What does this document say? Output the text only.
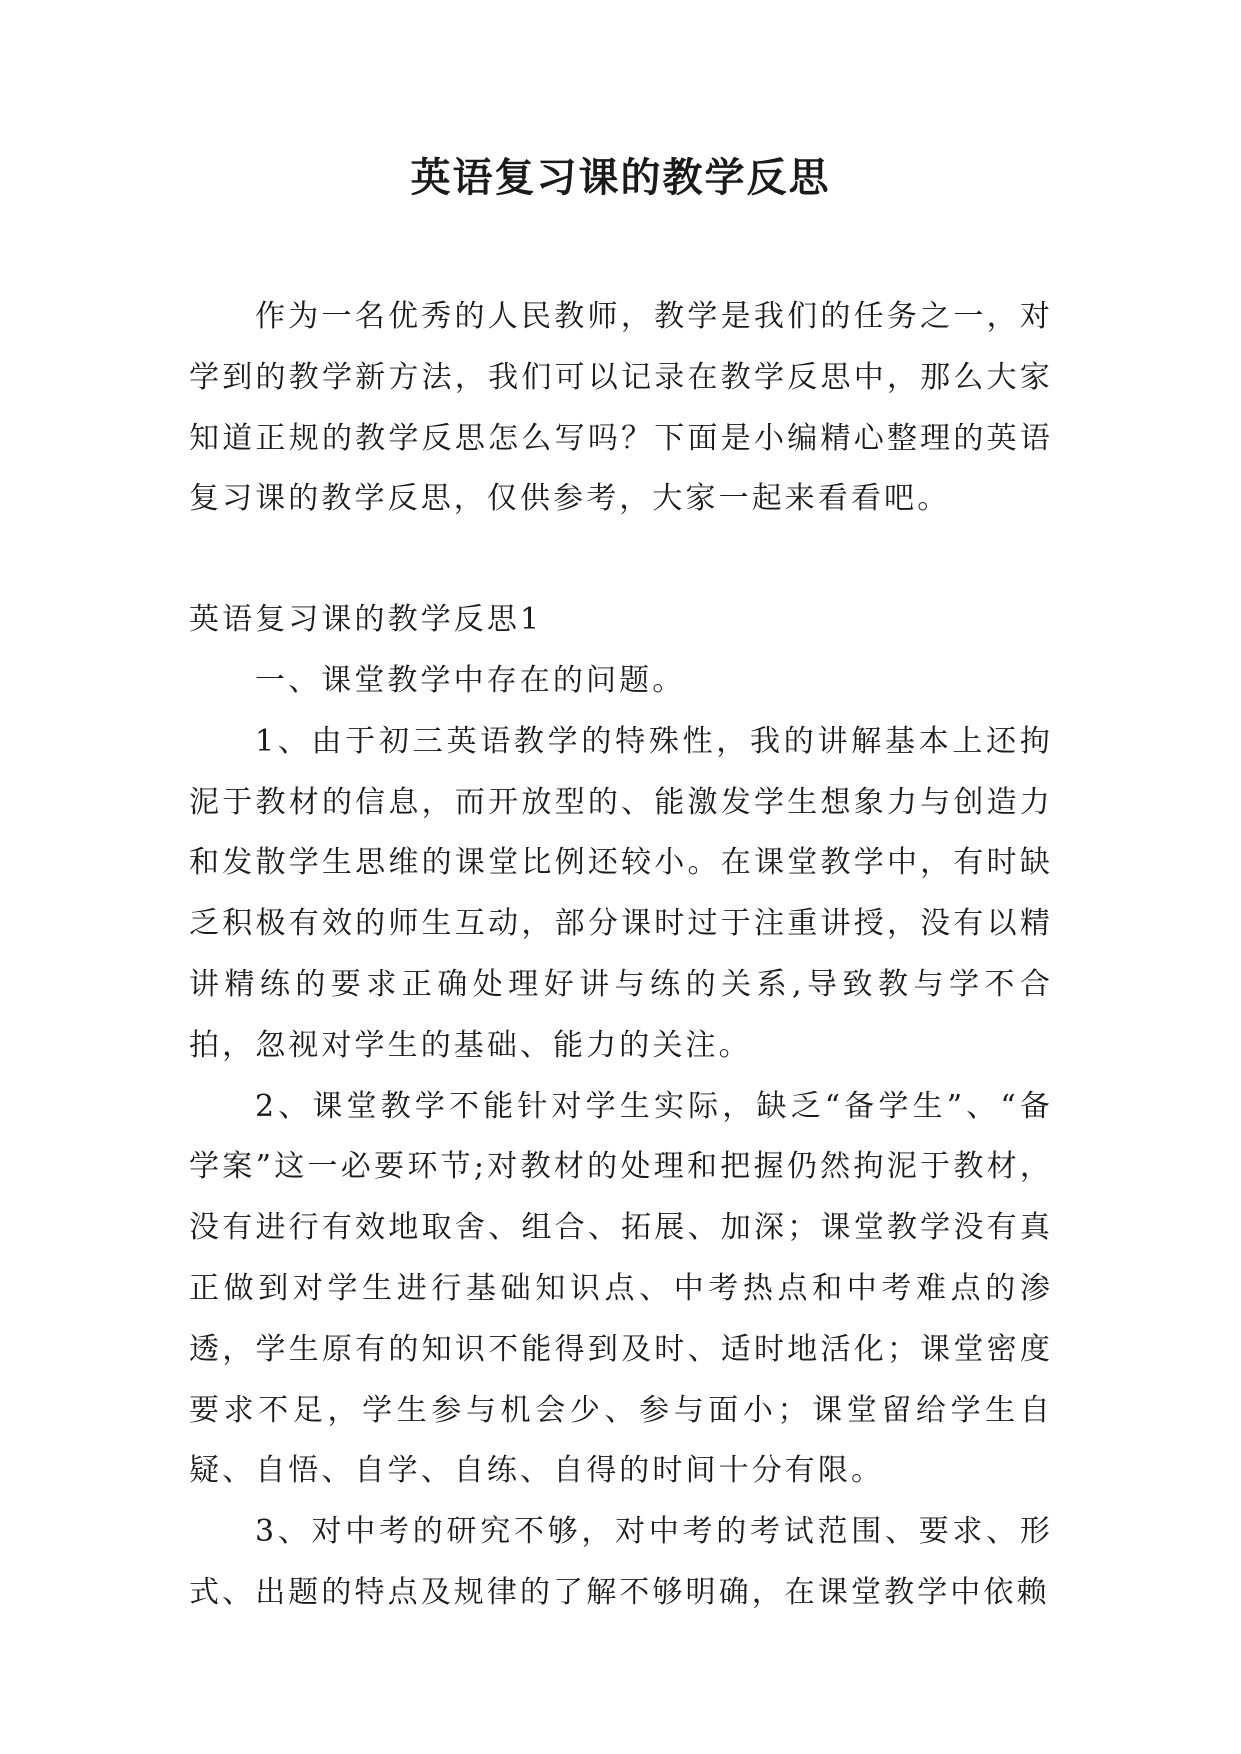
英语复习课的教学反思

作为一名优秀的人民教师，教学是我们的任务之一，对学到的教学新方法，我们可以记录在教学反思中，那么大家知道正规的教学反思怎么写吗？下面是小编精心整理的英语复习课的教学反思，仅供参考，大家一起来看看吧。

英语复习课的教学反思1

一、课堂教学中存在的问题。

1、由于初三英语教学的特殊性，我的讲解基本上还拘泥于教材的信息，而开放型的、能激发学生想象力与创造力和发散学生思维的课堂比例还较小。在课堂教学中，有时缺乏积极有效的师生互动，部分课时过于注重讲授，没有以精讲精练的要求正确处理好讲与练的关系,导致教与学不合拍，忽视对学生的基础、能力的关注。

2、课堂教学不能针对学生实际，缺乏“备学生”、“备学案”这一必要环节;对教材的处理和把握仍然拘泥于教材，没有进行有效地取舍、组合、拓展、加深；课堂教学没有真正做到对学生进行基础知识点、中考热点和中考难点的渗透，学生原有的知识不能得到及时、适时地活化；课堂密度要求不足，学生参与机会少、参与面小；课堂留给学生自疑、自悟、自学、自练、自得的时间十分有限。

3、对中考的研究不够，对中考的考试范围、要求、形式、出题的特点及规律的了解不够明确，在课堂教学中依赖
